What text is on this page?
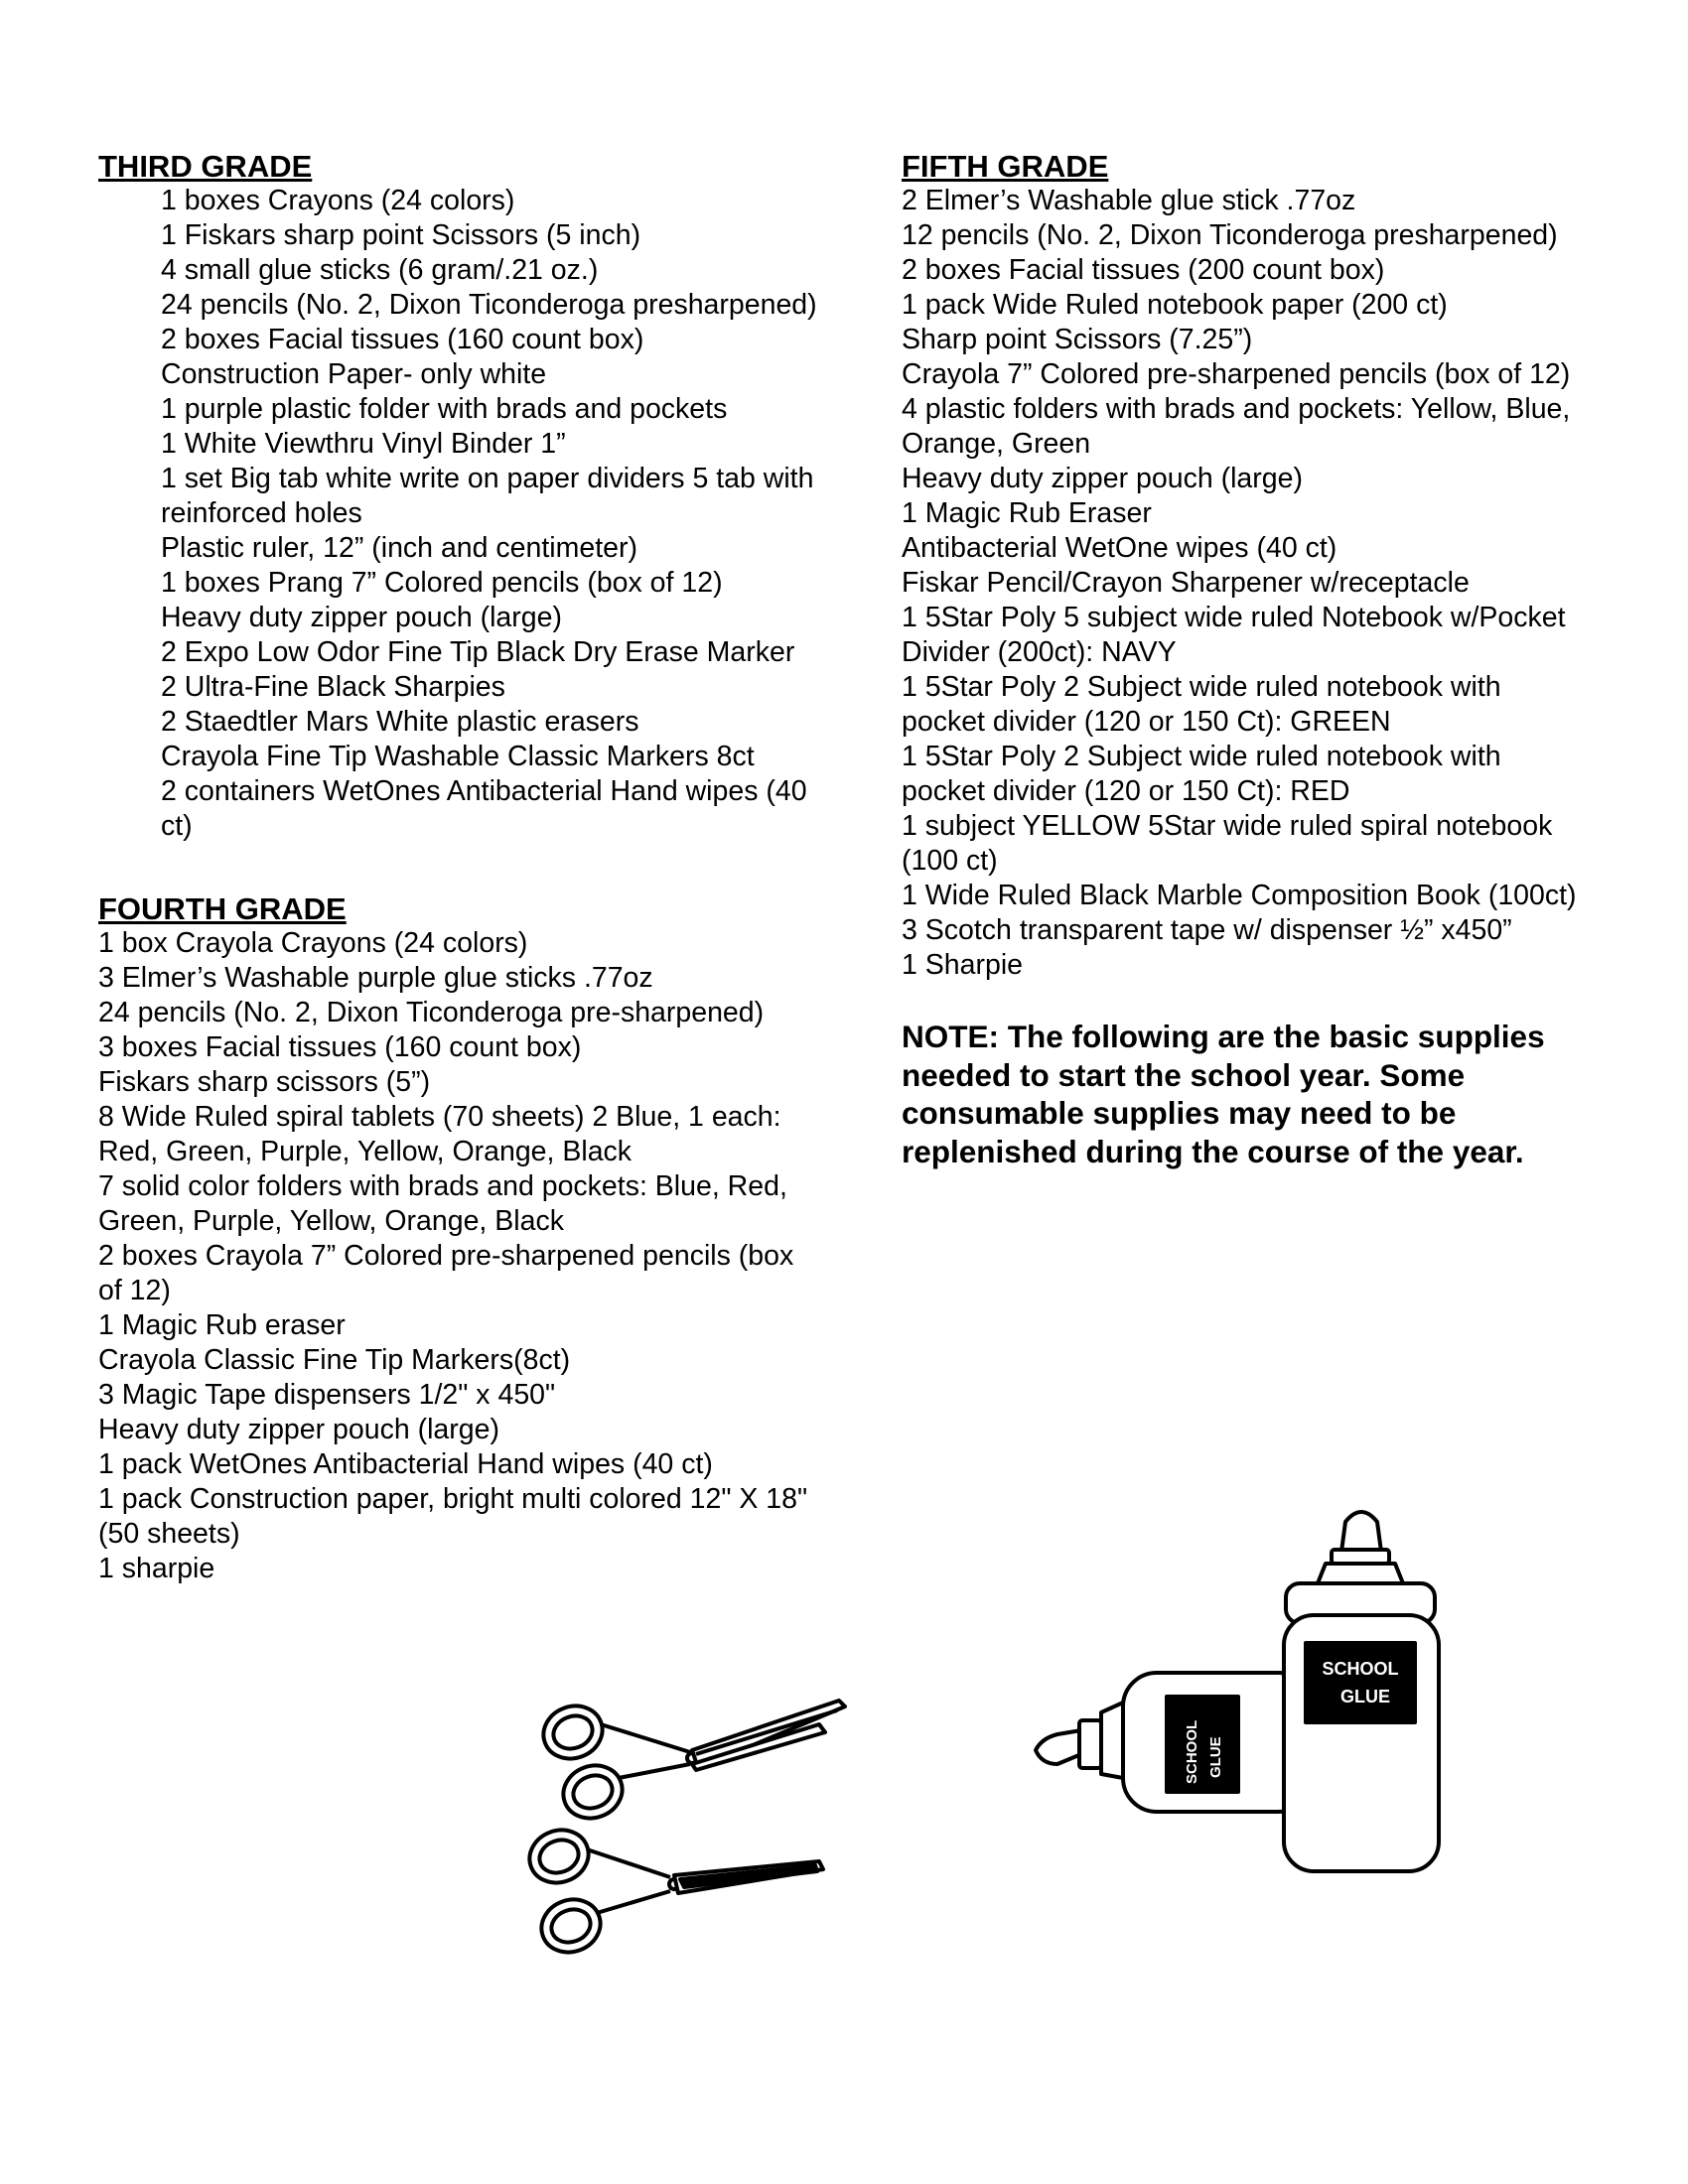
THIRD GRADE
1 boxes Crayons (24 colors)
1 Fiskars sharp point Scissors (5 inch)
4 small glue sticks (6 gram/.21 oz.)
24 pencils (No. 2, Dixon Ticonderoga presharpened)
2 boxes Facial tissues (160 count box)
Construction Paper- only white
1 purple plastic folder with brads and pockets
1 White Viewthru Vinyl Binder 1”
1 set Big tab white write on paper dividers 5 tab with reinforced holes
Plastic ruler, 12” (inch and centimeter)
1 boxes Prang 7” Colored pencils (box of 12)
Heavy duty zipper pouch (large)
2 Expo Low Odor Fine Tip Black Dry Erase Marker
2 Ultra-Fine Black Sharpies
2 Staedtler Mars White plastic erasers
Crayola Fine Tip Washable Classic Markers 8ct
2 containers WetOnes Antibacterial Hand wipes (40 ct)
FOURTH GRADE
1 box Crayola Crayons (24 colors)
3 Elmer’s Washable purple glue sticks .77oz
24 pencils (No. 2, Dixon Ticonderoga pre-sharpened)
3 boxes Facial tissues (160 count box)
Fiskars sharp scissors (5”)
8 Wide Ruled spiral tablets (70 sheets) 2 Blue, 1 each: Red, Green, Purple, Yellow, Orange, Black
7 solid color folders with brads and pockets: Blue, Red, Green, Purple, Yellow, Orange, Black
2 boxes Crayola 7” Colored pre-sharpened pencils (box of 12)
1 Magic Rub eraser
Crayola Classic Fine Tip Markers(8ct)
3 Magic Tape dispensers 1/2" x 450"
Heavy duty zipper pouch (large)
1 pack WetOnes Antibacterial Hand wipes (40 ct)
1 pack Construction paper, bright multi colored 12" X 18" (50 sheets)
1 sharpie
FIFTH GRADE
2 Elmer’s Washable glue stick .77oz
12 pencils (No. 2, Dixon Ticonderoga presharpened)
2 boxes Facial tissues (200 count box)
1 pack Wide Ruled notebook paper (200 ct)
Sharp point Scissors (7.25”)
Crayola 7” Colored pre-sharpened pencils (box of 12)
4 plastic folders with brads and pockets: Yellow, Blue, Orange, Green
Heavy duty zipper pouch (large)
1 Magic Rub Eraser
Antibacterial WetOne wipes (40 ct)
Fiskar Pencil/Crayon Sharpener w/receptacle
1 5Star Poly 5 subject wide ruled Notebook w/Pocket Divider (200ct): NAVY
1 5Star Poly 2 Subject wide ruled notebook with pocket divider (120 or 150 Ct): GREEN
1 5Star Poly 2 Subject wide ruled notebook with pocket divider (120 or 150 Ct): RED
1 subject YELLOW 5Star wide ruled spiral notebook (100 ct)
1 Wide Ruled Black Marble Composition Book (100ct)
3 Scotch transparent tape w/ dispenser ½” x450”
1 Sharpie

NOTE: The following are the basic supplies needed to start the school year. Some consumable supplies may need to be replenished during the course of the year.

SCHOOL
GLUE
SCHOOL GLUE
